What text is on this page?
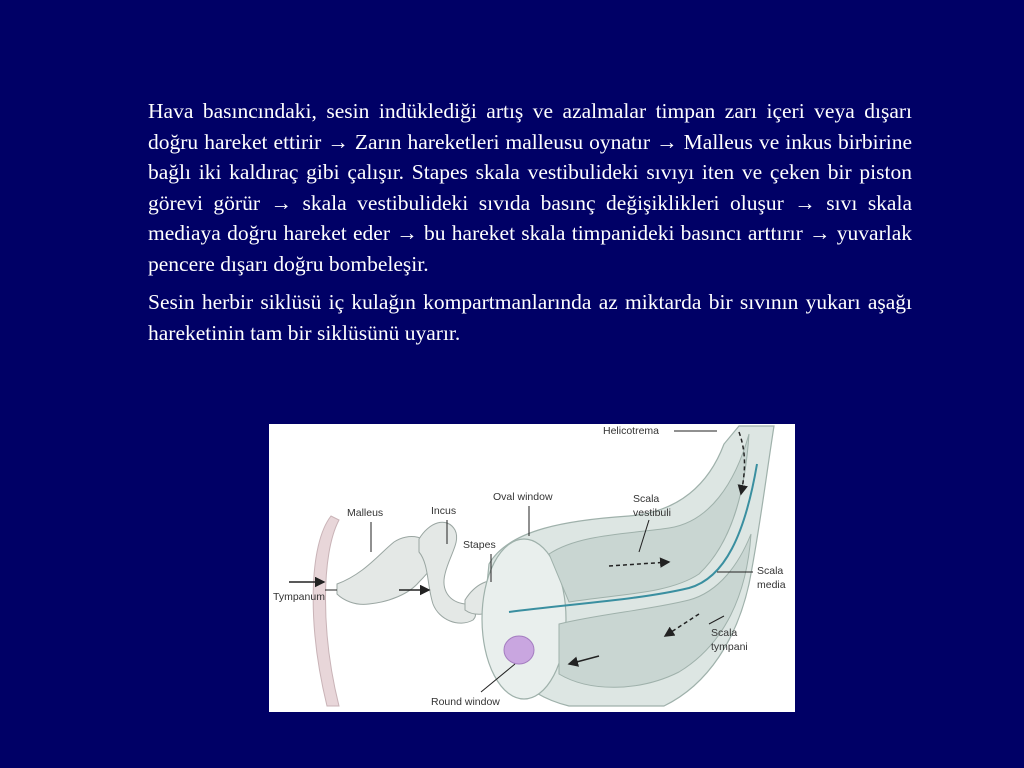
Hava basıncındaki, sesin indüklediği artış ve azalmalar timpan zarı içeri veya dışarı doğru hareket ettirir → Zarın hareketleri malleusu oynatır → Malleus ve inkus birbirine bağlı iki kaldıraç gibi çalışır. Stapes skala vestibulideki sıvıyı iten ve çeken bir piston görevi görür → skala vestibulideki sıvıda basınç değişiklikleri oluşur → sıvı skala mediaya doğru hareket eder → bu hareket skala timpanideki basıncı arttırır → yuvarlak pencere dışarı doğru bombeleşir.

Sesin herbir siklüsü iç kulağın kompartmanlarında az miktarda bir sıvının yukarı aşağı hareketinin tam bir siklüsünü uyarır.

Helicotrema
Oval window
Malleus	Incus
Stapes
Scala
vestibuli
Scala
media
Scala
tympani
Tympanum
Round window
